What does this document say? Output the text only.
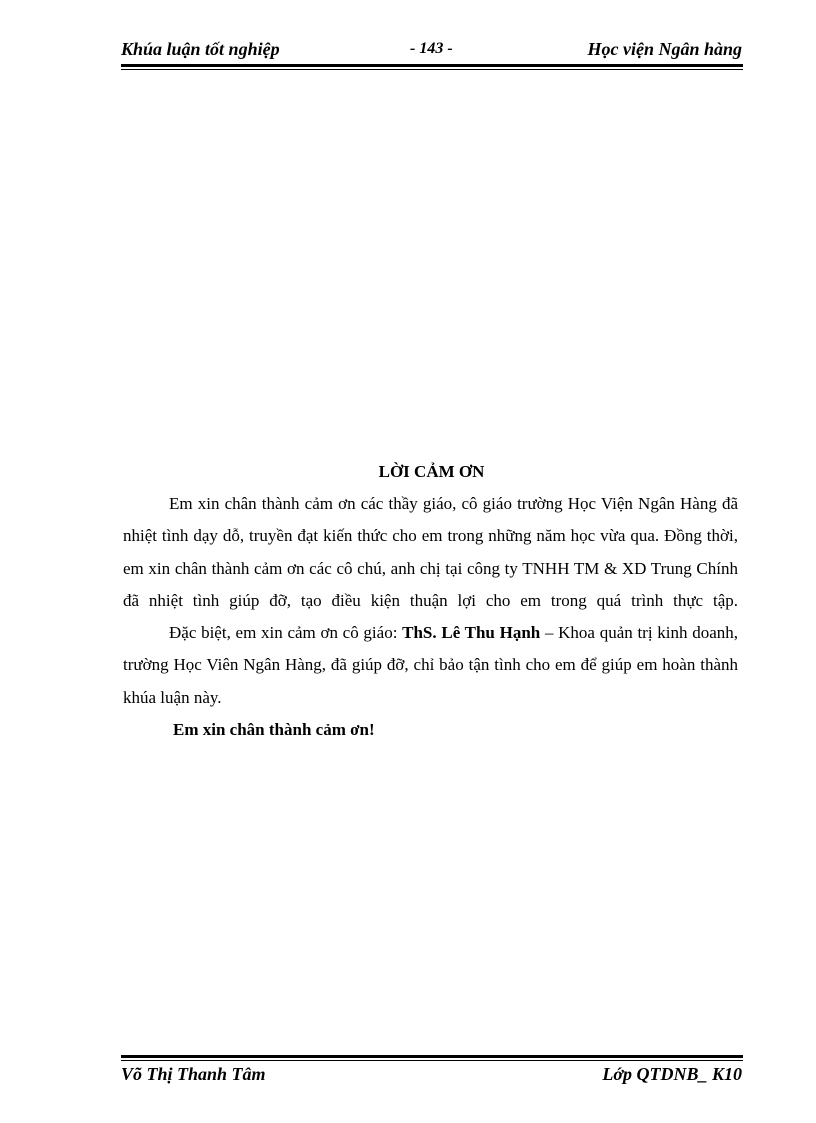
Khúa luận tốt nghiệp	- 143 -	Học viện Ngân hàng
LỜI CẢM ƠN

Em xin chân thành cảm ơn các thầy giáo, cô giáo trường Học Viện Ngân Hàng đã nhiệt tình dạy dỗ, truyền đạt kiến thức cho em trong những năm học vừa qua. Đồng thời, em xin chân thành cảm ơn các cô chú, anh chị tại công ty TNHH TM & XD Trung Chính đã nhiệt tình giúp đỡ, tạo điều kiện thuận lợi cho em trong quá trình thực tập.

Đặc biệt, em xin cảm ơn cô giáo: ThS. Lê Thu Hạnh – Khoa quản trị kinh doanh, trường Học Viên Ngân Hàng, đã giúp đỡ, chỉ bảo tận tình cho em để giúp em hoàn thành khúa luận này.

Em xin chân thành cảm ơn!

Võ Thị Thanh Tâm	Lớp QTDNB_ K10
